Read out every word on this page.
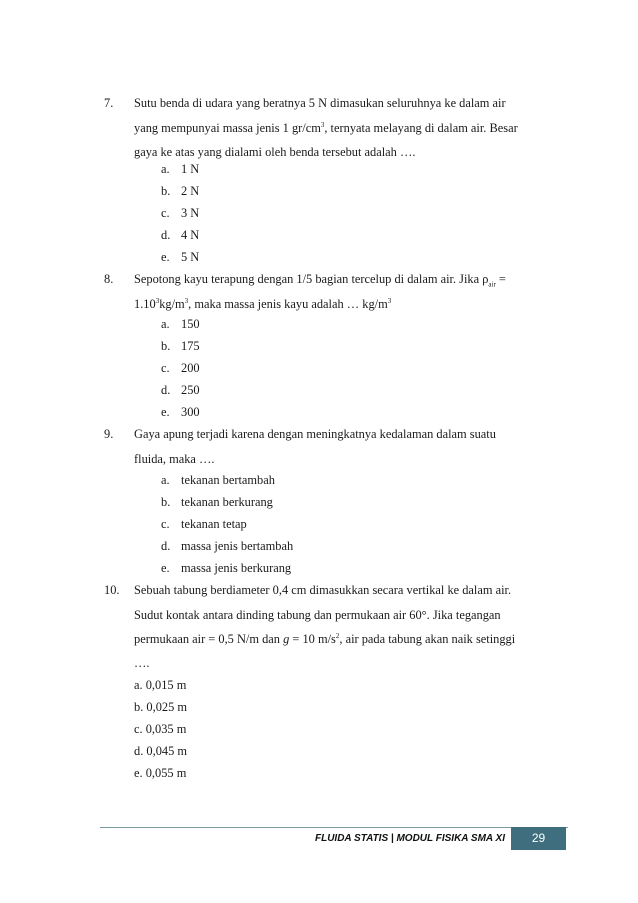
7.	Sutu benda di udara yang beratnya 5 N dimasukan seluruhnya ke dalam air
yang mempunyai massa jenis 1 $gr/cm^3$, ternyata melayang di dalam air. Besar
gaya ke atas yang dialami oleh benda tersebut adalah ….
a. 1 N
b. 2 N
c. 3 N
d. 4 N
e. 5 N
8.	Sepotong kayu terapung dengan 1/5 bagian tercelup di dalam air. Jika $\rho_{air}$ =
$1.10^3kg/m^3$, maka massa jenis kayu adalah … $kg/m^3$
a. 150
b. 175
c. 200
d. 250
e. 300
9.	Gaya apung terjadi karena dengan meningkatnya kedalaman dalam suatu
fluida, maka ….
a. tekanan bertambah
b. tekanan berkurang
c. tekanan tetap
d. massa jenis bertambah
e. massa jenis berkurang
10.	Sebuah tabung berdiameter 0,4 cm dimasukkan secara vertikal ke dalam air.
Sudut kontak antara dinding tabung dan permukaan air 60°. Jika tegangan
permukaan air = 0,5 N/m dan g = 10 $m/s^2$, air pada tabung akan naik setinggi
….
a. 0,015 m
b. 0,025 m
c. 0,035 m
d. 0,045 m
e. 0,055 m
FLUIDA STATIS | MODUL FISIKA SMA XI	29
